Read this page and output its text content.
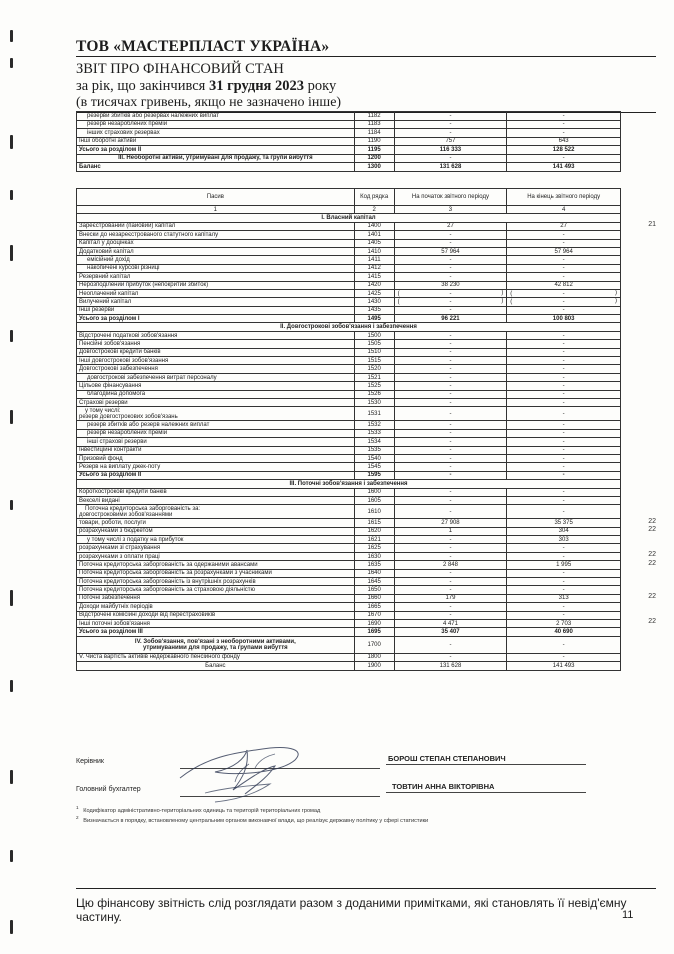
ТОВ «МАСТЕРПЛАСТ УКРАЇНА»
ЗВІТ ПРО ФІНАНСОВИЙ СТАН
за рік, що закінчився 31 грудня 2023 року
(в тисячах гривень, якщо не зазначено інше)
резерви збитків або резервах належних виплат	1182	-	-
резерв незароблених премій	1183	-	-
інших страхових резервах	1184	-	-
Інші оборотні активи	1190	757	643
Усього за розділом ІІ	1195	116 333	128 522
ІІІ. Необоротні активи, утримувані для продажу, та групи вибуття	1200	-	-
Баланс	1300	131 628	141 493
Пасив	Код рядка	На початок звітного періоду	На кінець звітного періоду
1	2	3	4
І. Власний капітал			
Зареєстрований (пайовий) капітал	1400	27	27
Внески до незареєстрованого статутного капіталу	1401	-	-
Капітал у дооцінках	1405	-	-
Додатковий капітал	1410	57 964	57 964
емісійний дохід	1411	-	-
накопичені курсові різниці	1412	-	-
Резервний капітал	1415	-	-
Нерозподілений прибуток (непокритий збиток)	1420	38 230	42 812
Неоплачений капітал	1425	( - )	( - )

Вилучений капітал	1430	( - )	( - )

Інші резерви	1435	-	-
Усього за розділом І	1495	96 221	100 803
ІІ. Довгострокові зобов'язання і забезпечення			
Відстрочені податкові зобов'язання	1500	-	-
Пенсійні зобов'язання	1505	-	-
Довгострокові кредити банків	1510	-	-
Інші довгострокові зобов'язання	1515	-	-
Довгострокові забезпечення	1520	-	-
довгострокові забезпечення витрат персоналу	1521	-	-
Цільове фінансування	1525	-	-
благодійна допомога	1526	-	-
Страхові резерви	1530	-	-

у тому числі:
резерв довгострокових зобов'язань	1531	-	-
резерв збитків або резерв належних виплат	1532	-	-
резерв незароблених премій	1533	-	-
інші страхові резерви	1534	-	-
Інвестиційні контракти	1535	-	-
Призовий фонд	1540	-	-
Резерв на виплату джек-поту	1545	-	-
Усього за розділом ІІ	1595	-	-
ІІІ. Поточні зобов'язання і забезпечення			
Короткострокові кредити банків	1600	-	-
Векселі видані	1605	-	-

Поточна кредиторська заборгованість за:
довгостроковими зобов'язаннями	1610	-	-
товари, роботи, послуги	1615	27 908	35 375
розрахунками з бюджетом	1620	1	304
у тому числі з податку на прибуток	1621	-	303
розрахунками зі страхування	1625	-	-
розрахунками з оплати праці	1630	-	-
Поточна кредиторська заборгованість за одержаними авансами	1635	2 848	1 995
Поточна кредиторська заборгованість за розрахунками з учасниками	1640	-	-
Поточна кредиторська заборгованість із внутрішніх розрахунків	1645	-	-
Поточна кредиторська заборгованість за страховою діяльністю	1650	-	-
Поточні забезпечення	1660	179	313
Доходи майбутніх періодів	1665	-	-
Відстрочені комісійні доходи від перестраховиків	1670	-	-
Інші поточні зобов'язання	1690	4 471	2 703
Усього за розділом ІІІ	1695	35 407	40 690

IV. Зобов'язання, пов'язані з необоротними активами,
утримуваними для продажу, та групами вибуття	1700	-	-
V. Чиста вартість активів недержавного пенсійного фонду	1800	-	-
Баланс	1900	131 628	141 493
21
22
22
22
22
22
22
Керівник	БОРОШ СТЕПАН СТЕПАНОВИЧ
Головний бухгалтер	ТОВТИН АННА ВІКТОРІВНА
$^1$   Кодифікатор адміністративно-територіальних одиниць та територій територіальних громад
$^2$   Визначається в порядку, встановленому центральним органом виконавчої влади, що реалізує державну політику у сфері статистики
Цю фінансову звітність слід розглядати разом з доданими примітками, які становлять її невід'ємну частину.	11
